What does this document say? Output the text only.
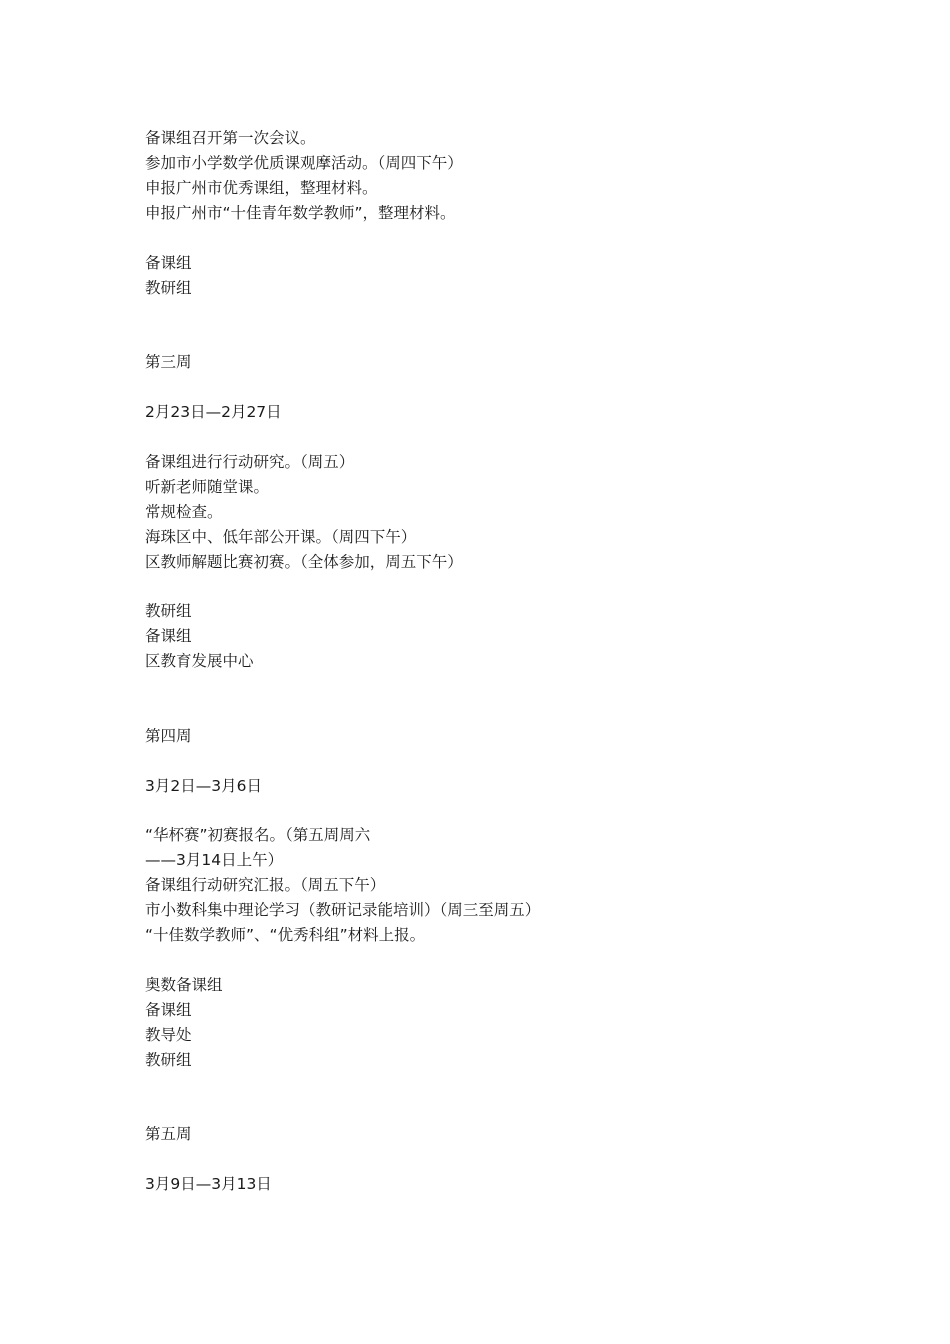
备课组召开第一次会议。
参加市小学数学优质课观摩活动。（周四下午）
申报广州市优秀课组，整理材料。
申报广州市“十佳青年数学教师”，整理材料。
备课组
教研组
第三周
2月23日—2月27日
备课组进行行动研究。（周五）
听新老师随堂课。
常规检查。
海珠区中、低年部公开课。（周四下午）
区教师解题比赛初赛。（全体参加，周五下午）
教研组
备课组
区教育发展中心
第四周
3月2日—3月6日
“华杯赛”初赛报名。（第五周周六
——3月14日上午）
备课组行动研究汇报。（周五下午）
市小数科集中理论学习（教研记录能培训）（周三至周五）
“十佳数学教师”、“优秀科组”材料上报。
奥数备课组
备课组
教导处
教研组
第五周
3月9日—3月13日
